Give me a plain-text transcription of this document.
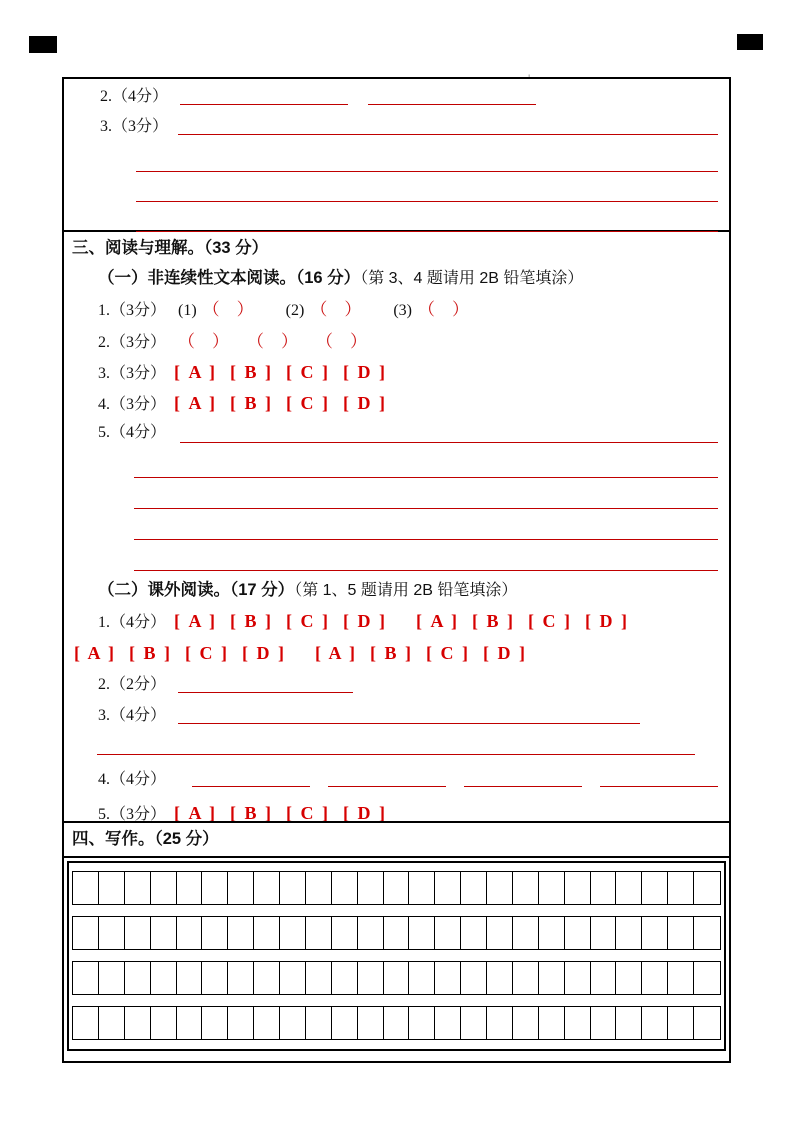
2.（4分）
3.（3分）
三、阅读与理解。（33 分）
（一）非连续性文本阅读。（16 分）（第 3、4 题请用 2B 铅笔填涂）
1.（3分） (1) （  ） (2) （  ） (3) （  ）
2.（3分） （  ） （  ） （  ）
3.（3分） [ A ] [ B ] [ C ] [ D ]
4.（3分） [ A ] [ B ] [ C ] [ D ]
5.（4分）
（二）课外阅读。（17 分）（第 1、5 题请用 2B 铅笔填涂）
1.（4分） [ A ] [ B ] [ C ] [ D ] [ A ] [ B ] [ C ] [ D ]
[ A ] [ B ] [ C ] [ D ] [ A ] [ B ] [ C ] [ D ]
2.（2分）
3.（4分）
4.（4分）
5.（3分） [ A ] [ B ] [ C ] [ D ]
四、写作。（25 分）
